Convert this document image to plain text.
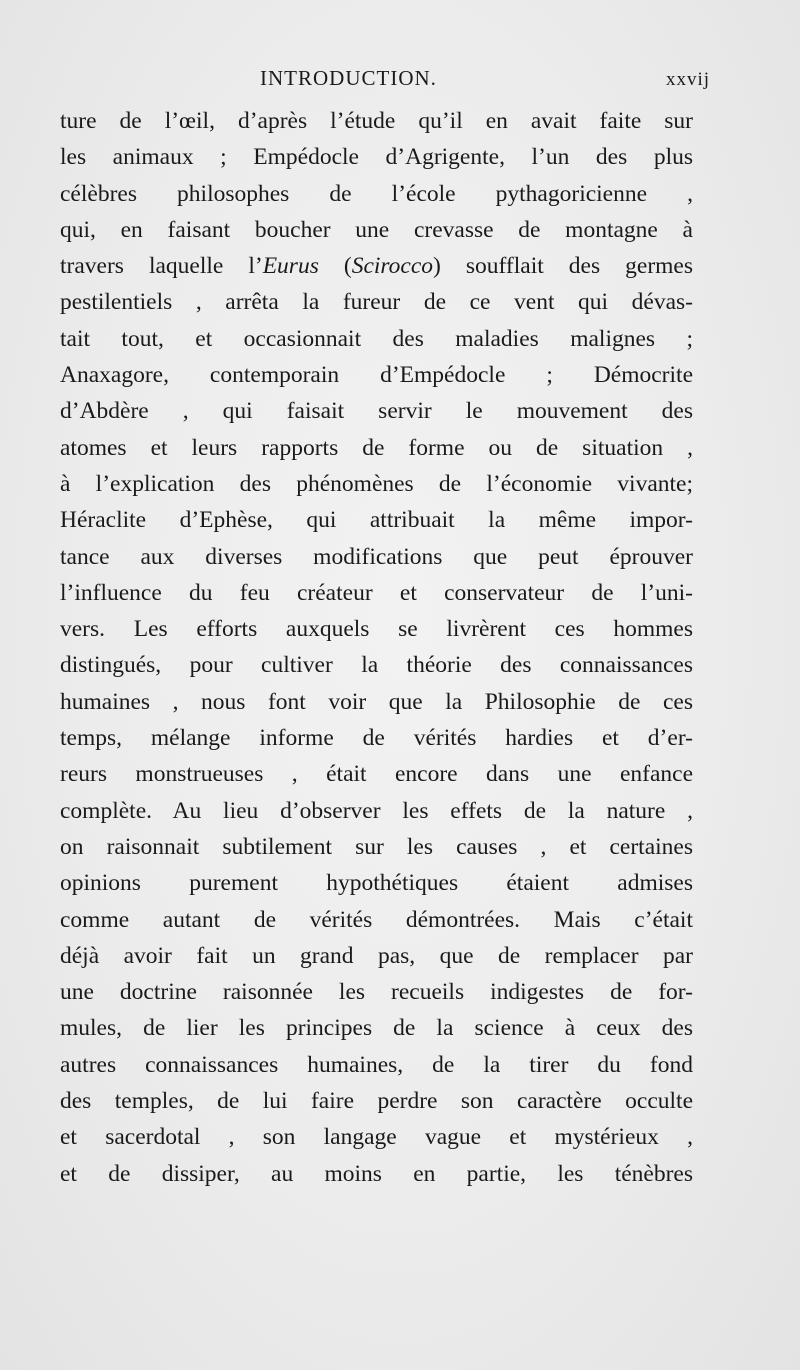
INTRODUCTION.	xxvij
ture de l’œil, d’après l’étude qu’il en avait faite sur
les animaux ; Empédocle d’Agrigente, l’un des plus
célèbres philosophes de l’école pythagoricienne ,
qui, en faisant boucher une crevasse de montagne à
travers laquelle l’Eurus (Scirocco) soufflait des germes
pestilentiels , arrêta la fureur de ce vent qui dévas-
tait tout, et occasionnait des maladies malignes ;
Anaxagore, contemporain d’Empédocle ; Démocrite
d’Abdère , qui faisait servir le mouvement des
atomes et leurs rapports de forme ou de situation ,
à l’explication des phénomènes de l’économie vivante;
Héraclite d’Ephèse, qui attribuait la même impor-
tance aux diverses modifications que peut éprouver
l’influence du feu créateur et conservateur de l’uni-
vers. Les efforts auxquels se livrèrent ces hommes
distingués, pour cultiver la théorie des connaissances
humaines , nous font voir que la Philosophie de ces
temps, mélange informe de vérités hardies et d’er-
reurs monstrueuses , était encore dans une enfance
complète. Au lieu d’observer les effets de la nature ,
on raisonnait subtilement sur les causes , et certaines
opinions purement hypothétiques étaient admises
comme autant de vérités démontrées. Mais c’était
déjà avoir fait un grand pas, que de remplacer par
une doctrine raisonnée les recueils indigestes de for-
mules, de lier les principes de la science à ceux des
autres connaissances humaines, de la tirer du fond
des temples, de lui faire perdre son caractère occulte
et sacerdotal , son langage vague et mystérieux ,
et de dissiper, au moins en partie, les ténèbres
